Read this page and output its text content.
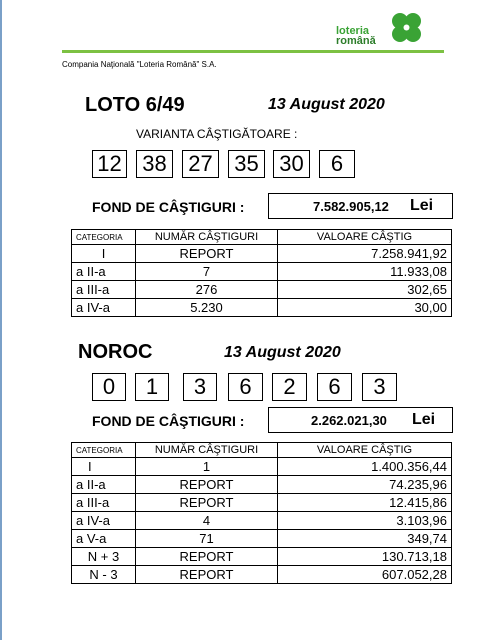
loteria
română
Compania Naţională "Loteria Română" S.A.
LOTO 6/49	13 August 2020
VARIANTA CÂŞTIGĂTOARE :
12 38 27 35 30	6
FOND DE CÂŞTIGURI :	7.582.905,12 Lei
CATEGORIA	NUMĂR CÂŞTIGURI	VALOARE CÂŞTIG
I	REPORT	7.258.941,92
a II-a	7	11.933,08
a III-a	276	302,65
a IV-a	5.230	30,00
NOROC	13 August 2020
0	1	3	6	2	6	3
FOND DE CÂŞTIGURI :	2.262.021,30 Lei
CATEGORIA	NUMĂR CÂŞTIGURI	VALOARE CÂŞTIG
I	1	1.400.356,44
a II-a	REPORT	74.235,96
a III-a	REPORT	12.415,86
a IV-a	4	3.103,96
a V-a	71	349,74
N + 3	REPORT	130.713,18
N - 3	REPORT	607.052,28
